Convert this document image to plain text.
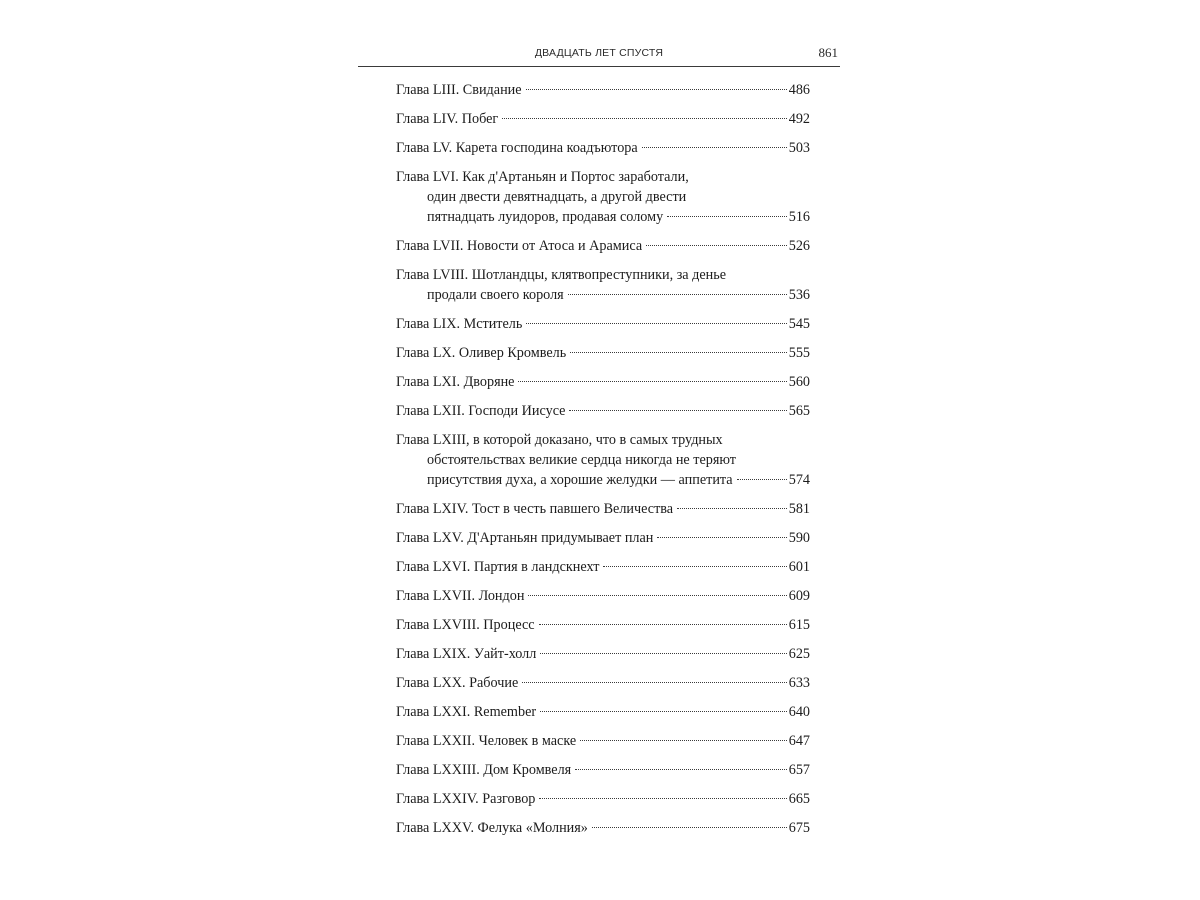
ДВАДЦАТЬ ЛЕТ СПУСТЯ	861
Глава LIII. Свидание	486
Глава LIV. Побег	492
Глава LV. Карета господина коадъютора	503
Глава LVI. Как д'Артаньян и Портос заработали,
один двести девятнадцать, а другой двести
пятнадцать луидоров, продавая солому	516
Глава LVII. Новости от Атоса и Арамиса	526
Глава LVIII. Шотландцы, клятвопреступники, за денье
продали своего короля	536
Глава LIX. Мститель	545
Глава LX. Оливер Кромвель	555
Глава LXI. Дворяне	560
Глава LXII. Господи Иисусе	565
Глава LXIII, в которой доказано, что в самых трудных
обстоятельствах великие сердца никогда не теряют
присутствия духа, а хорошие желудки — аппетита	574
Глава LXIV. Тост в честь павшего Величества	581
Глава LXV. Д'Артаньян придумывает план	590
Глава LXVI. Партия в ландскнехт	601
Глава LXVII. Лондон	609
Глава LXVIII. Процесс	615
Глава LXIX. Уайт-холл	625
Глава LXX. Рабочие	633
Глава LXXI. Remember	640
Глава LXXII. Человек в маске	647
Глава LXXIII. Дом Кромвеля	657
Глава LXXIV. Разговор	665
Глава LXXV. Фелука «Молния»	675
